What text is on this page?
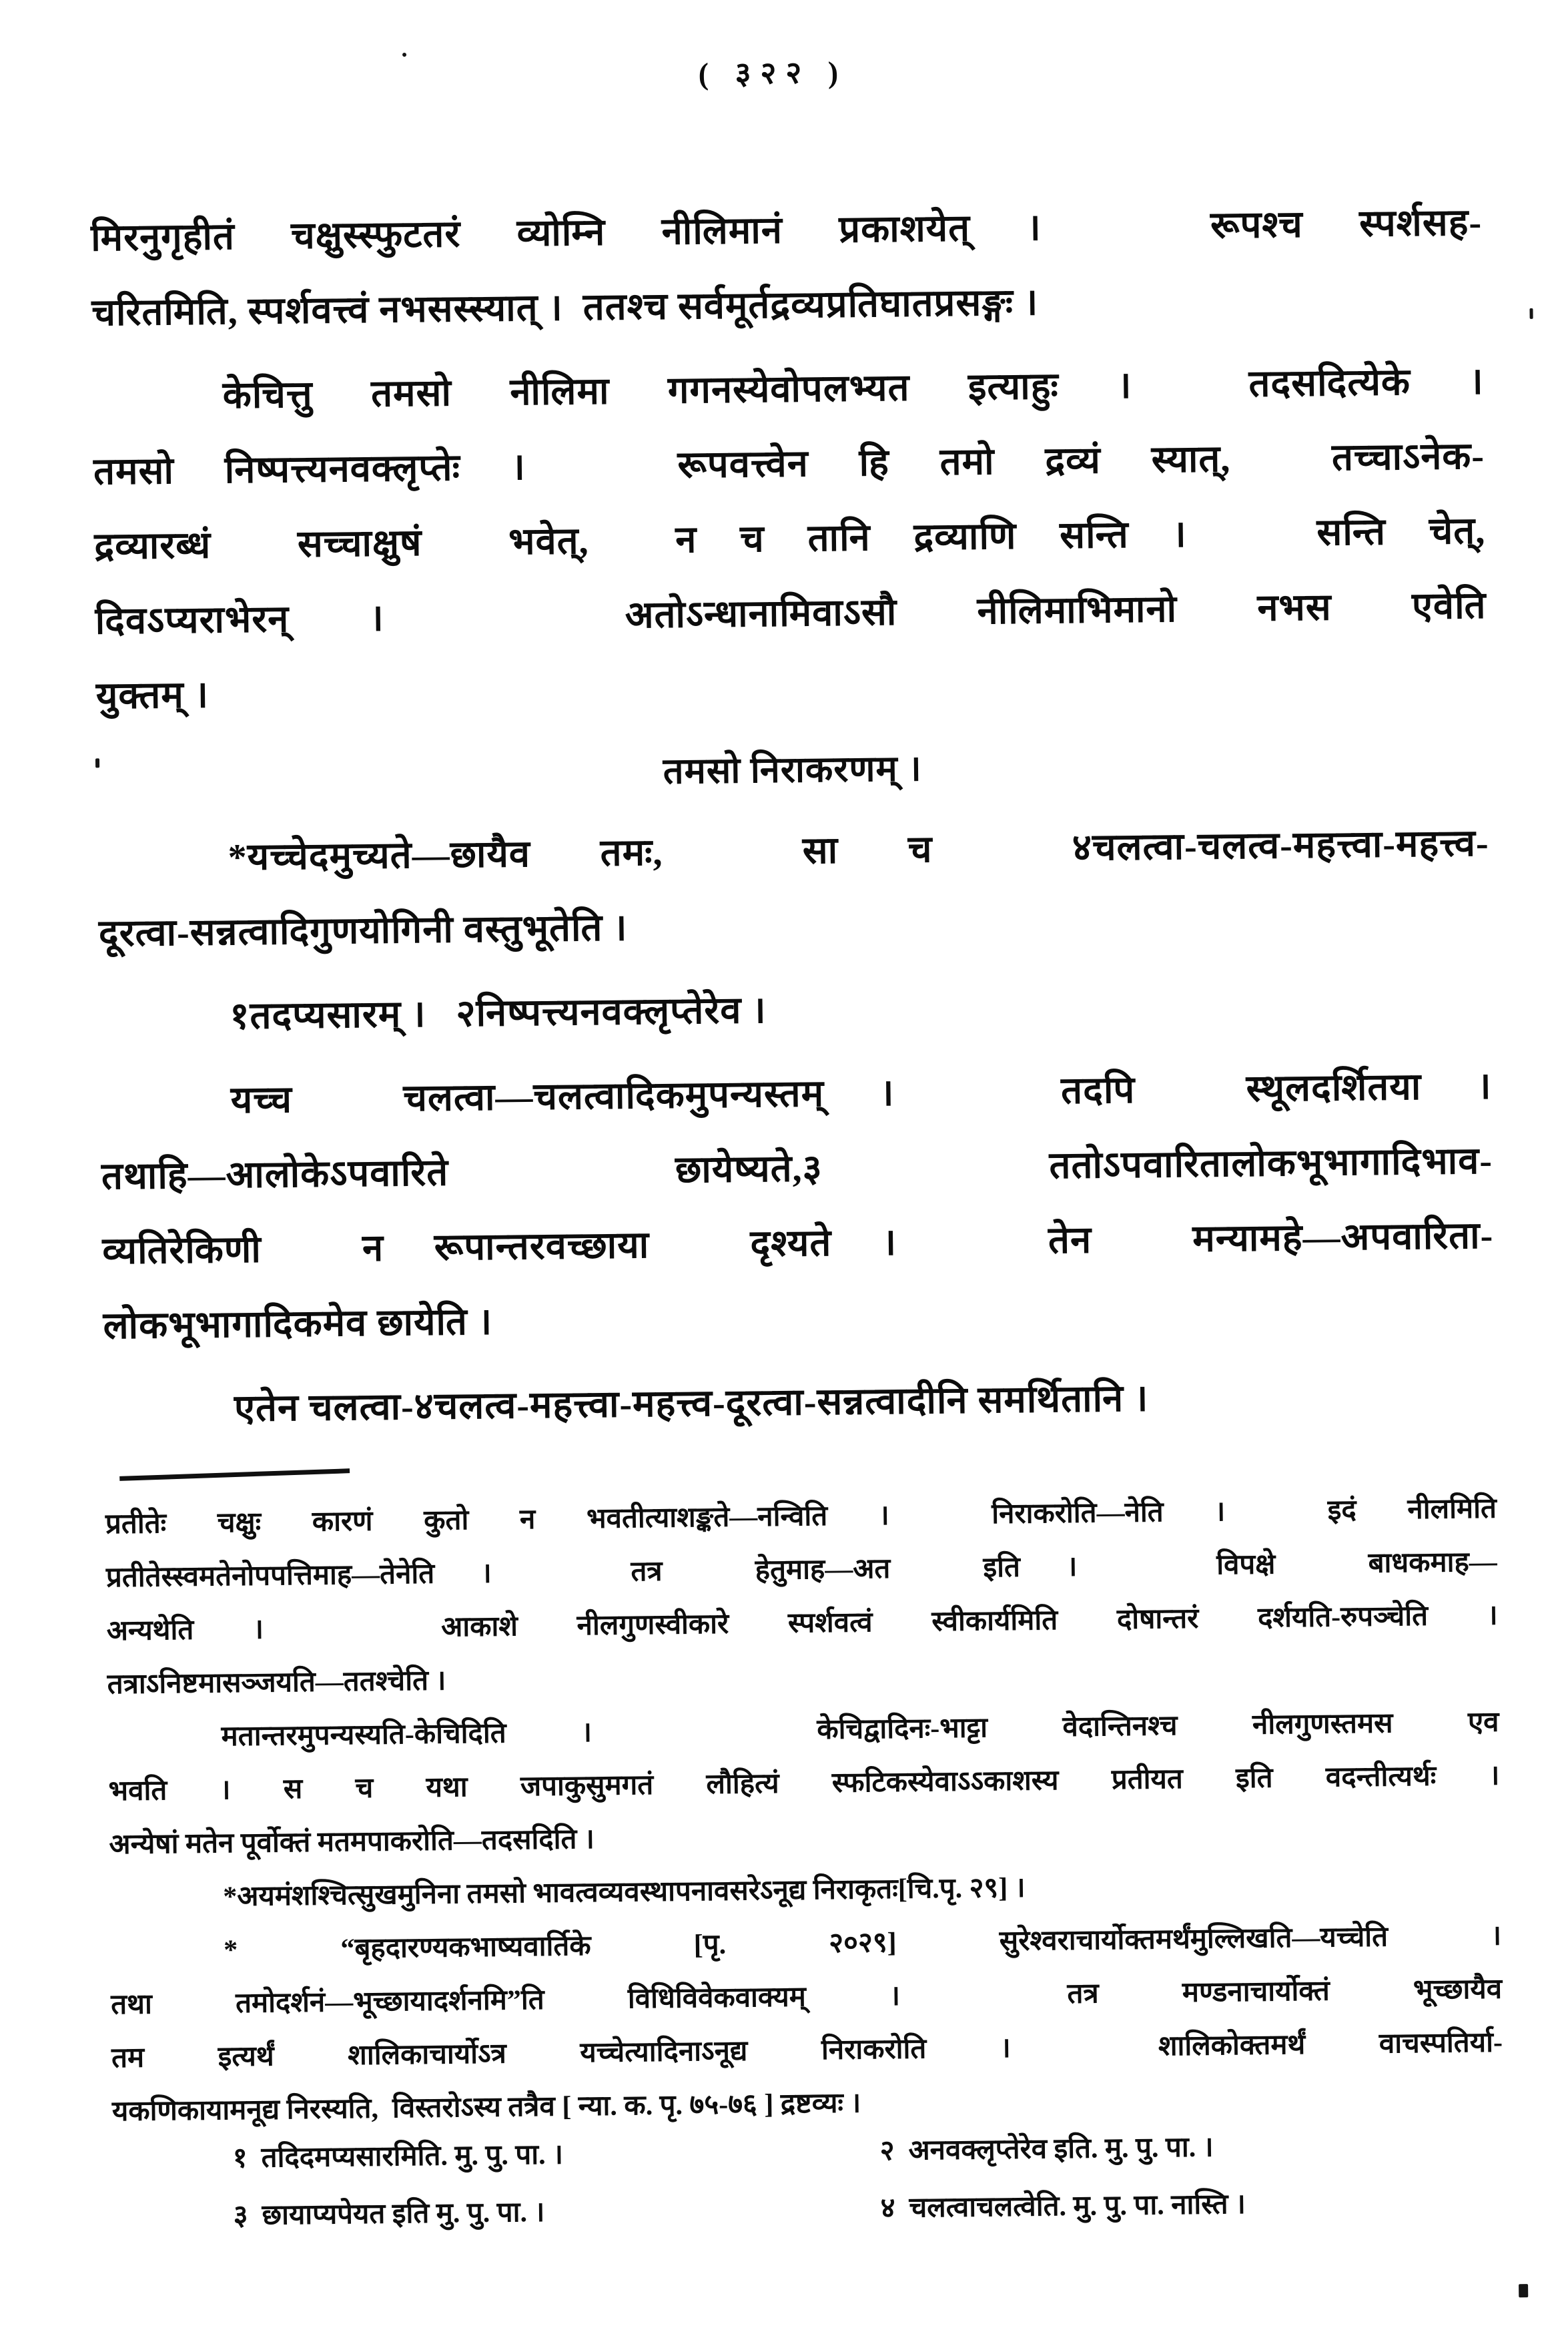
( ३२२ )
मिरनुगृहीतं चक्षुस्स्फुटतरं व्योम्नि नीलिमानं प्रकाशयेत् ।   रूपश्च स्पर्शसह-
चरितमिति, स्पर्शवत्त्वं नभसस्स्यात् ।  ततश्च सर्वमूर्तद्रव्यप्रतिघातप्रसङ्गः ।
केचित्तु तमसो नीलिमा गगनस्येवोपलभ्यत इत्याहुः ।  तदसदित्येके ।
तमसो निष्पत्त्यनवक्लृप्तेः ।   रूपवत्त्वेन हि तमो द्रव्यं स्यात्,  तच्चाऽनेक-
द्रव्यारब्धं  सच्चाक्षुषं  भवेत्,  न च तानि द्रव्याणि सन्ति ।   सन्ति चेत्,
दिवऽप्यराभेरन् ।   अतोऽन्धानामिवाऽसौ नीलिमाभिमानो नभस एवेति
युक्तम् ।
तमसो निराकरणम् ।
*यच्चेदमुच्यते—छायैव तमः,  सा च  ४चलत्वा-चलत्व-महत्त्वा-महत्त्व-
दूरत्वा-सन्नत्वादिगुणयोगिनी वस्तुभूतेति ।
१तदप्यसारम् ।   २निष्पत्त्यनवक्लृप्तेरेव ।
यच्च  चलत्वा—चलत्वादिकमुपन्यस्तम् ।   तदपि  स्थूलदर्शितया ।
तथाहि—आलोकेऽपवारिते  छायेष्यते,३  ततोऽपवारितालोकभूभागादिभाव-
व्यतिरेकिणी  न रूपान्तरवच्छाया  दृश्यते ।   तेन  मन्यामहे—अपवारिता-
लोकभूभागादिकमेव छायेति ।
एतेन चलत्वा-४चलत्व-महत्त्वा-महत्त्व-दूरत्वा-सन्नत्वादीनि समर्थितानि ।
प्रतीतेः चक्षुः कारणं कुतो न भवतीत्याशङ्कते—नन्विति ।  निराकरोति—नेति ।  इदं नीलमिति
प्रतीतेस्स्वमतेनोपपत्तिमाह—तेनेति ।   तत्र  हेतुमाह—अत  इति ।   विपक्षे  बाधकमाह—
अन्यथेति ।   आकाशे नीलगुणस्वीकारे स्पर्शवत्वं स्वीकार्यमिति दोषान्तरं दर्शयति-रुपञ्चेति ।
तत्राऽनिष्टमासञ्जयति—ततश्चेति ।
मतान्तरमुपन्यस्यति-केचिदिति ।   केचिद्वादिनः-भाट्टा वेदान्तिनश्च नीलगुणस्तमस एव
भवति । स च यथा जपाकुसुमगतं लौहित्यं स्फटिकस्येवाऽऽकाशस्य प्रतीयत इति वदन्तीत्यर्थः ।
अन्येषां मतेन पूर्वोक्तं मतमपाकरोति—तदसदिति ।
*अयमंशश्चित्सुखमुनिना तमसो भावत्वव्यवस्थापनावसरेऽनूद्य निराकृतः[चि.पृ. २९] ।
* “बृहदारण्यकभाष्यवार्तिके [पृ. २०२९] सुरेश्वराचार्योक्तमर्थंमुल्लिखति—यच्चेति ।
तथा तमोदर्शनं—भूच्छायादर्शनमि”ति विधिविवेकवाक्यम् ।  तत्र मण्डनाचार्योक्तं भूच्छायैव
तम इत्यर्थं शालिकाचार्योऽत्र यच्चेत्यादिनाऽनूद्य निराकरोति ।  शालिकोक्तमर्थं वाचस्पतिर्या-
यकणिकायामनूद्य निरस्यति,  विस्तरोऽस्य तत्रैव [ न्या. क. पृ. ७५-७६ ] द्रष्टव्यः ।
१  तदिदमप्यसारमिति. मु. पु. पा. ।	२  अनवक्लृप्तेरेव इति. मु. पु. पा. ।
३  छायाप्यपेयत इति मु. पु. पा. ।	४  चलत्वाचलत्वेति. मु. पु. पा. नास्ति ।
